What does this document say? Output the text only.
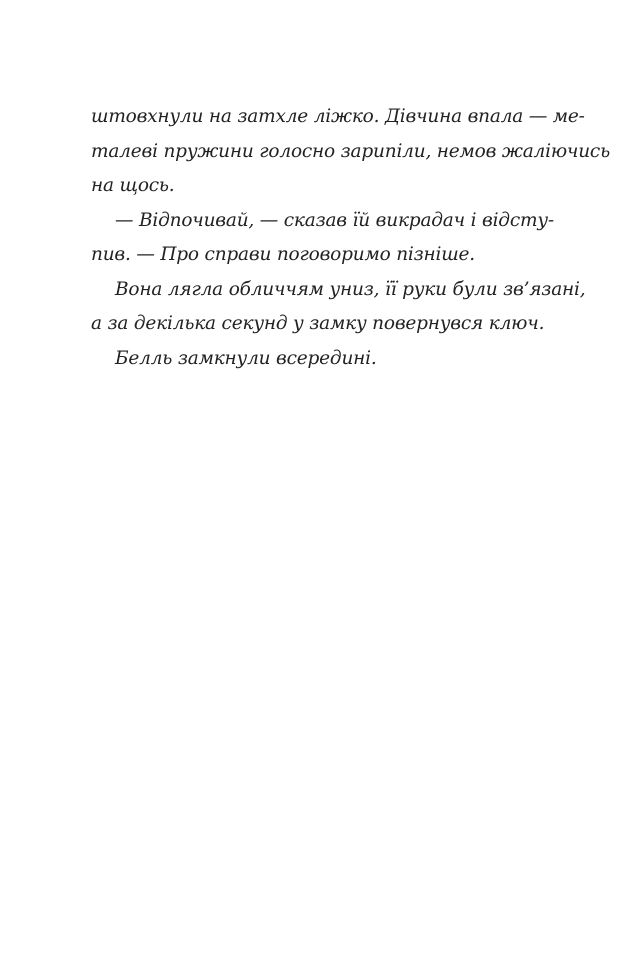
штовхнули на затхле ліжко. Дівчина впала — ме-
талеві пружини голосно зарипіли, немов жаліючись
на щось.
— Відпочивай, — сказав їй викрадач і відсту-
пив. — Про справи поговоримо пізніше.
Вона лягла обличчям униз, її руки були зв’язані,
а за декілька секунд у замку повернувся ключ.
Белль замкнули всередині.
